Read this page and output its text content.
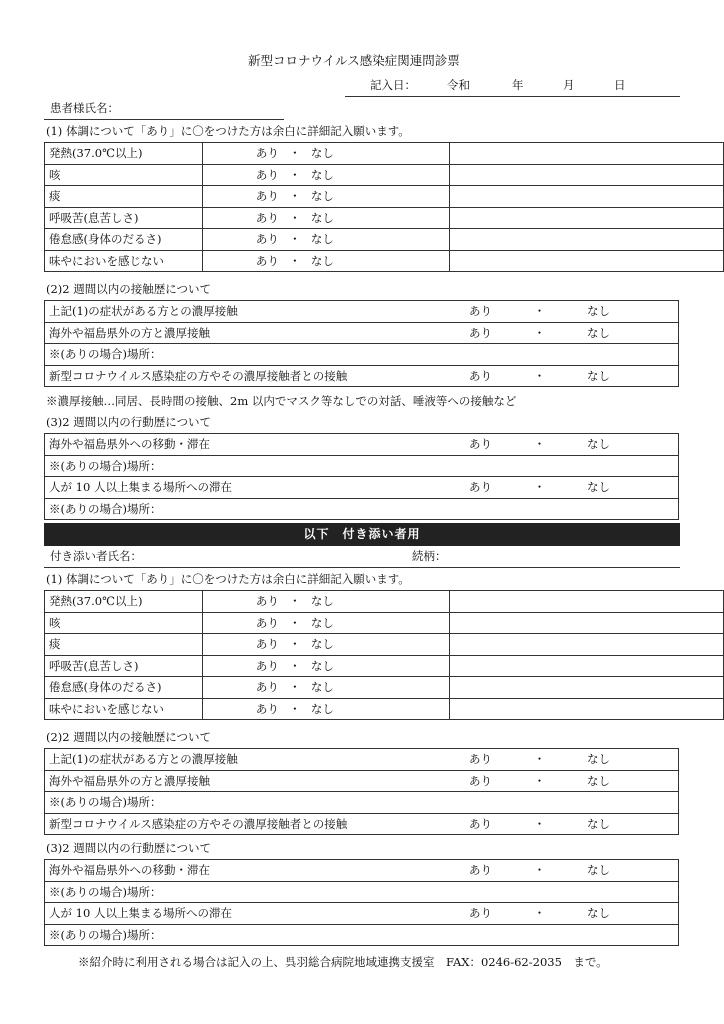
新型コロナウイルス感染症関連問診票
記入日：	令和	年	月	日
患者様氏名：
(1) 体調について「あり」に〇をつけた方は余白に詳細記入願います。
発熱(37.0℃以上)	あり ・ なし	
咳	あり ・ なし	
痰	あり ・ なし	
呼吸苦(息苦しさ)	あり ・ なし	
倦怠感(身体のだるさ)	あり ・ なし	
味やにおいを感じない	あり ・ なし	
(2)2 週間以内の接触歴について
上記(1)の症状がある方との濃厚接触	あり	・	なし

海外や福島県外の方と濃厚接触	あり	・	なし

※(ありの場合)場所：

新型コロナウイルス感染症の方やその濃厚接触者との接触	あり	・	なし
※濃厚接触…同居、長時間の接触、2m 以内でマスク等なしでの対話、唾液等への接触など
(3)2 週間以内の行動歴について
海外や福島県外への移動・滞在	あり	・	なし

※(ありの場合)場所：

人が 10 人以上集まる場所への滞在	あり	・	なし

※(ありの場合)場所：
以下　付き添い者用
付き添い者氏名：	続柄：
(1) 体調について「あり」に〇をつけた方は余白に詳細記入願います。
発熱(37.0℃以上)	あり ・ なし	
咳	あり ・ なし	
痰	あり ・ なし	
呼吸苦(息苦しさ)	あり ・ なし	
倦怠感(身体のだるさ)	あり ・ なし	
味やにおいを感じない	あり ・ なし	
(2)2 週間以内の接触歴について
上記(1)の症状がある方との濃厚接触	あり	・	なし

海外や福島県外の方と濃厚接触	あり	・	なし

※(ありの場合)場所：

新型コロナウイルス感染症の方やその濃厚接触者との接触	あり	・	なし
(3)2 週間以内の行動歴について
海外や福島県外への移動・滞在	あり	・	なし

※(ありの場合)場所：

人が 10 人以上集まる場所への滞在	あり	・	なし

※(ありの場合)場所：
※紹介時に利用される場合は記入の上、呉羽総合病院地域連携支援室　FAX：0246-62-2035　まで。
